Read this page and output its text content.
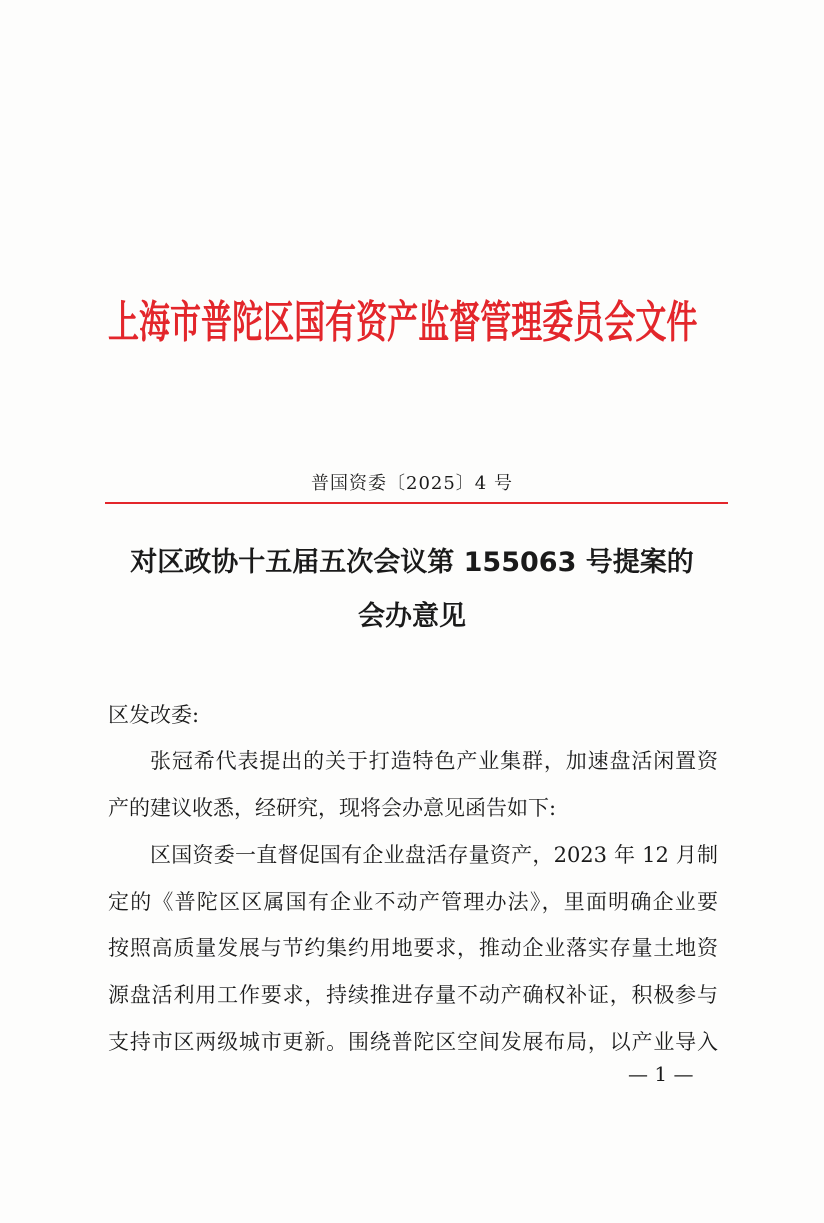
上海市普陀区国有资产监督管理委员会文件
普国资委〔2025〕4 号
对区政协十五届五次会议第 155063 号提案的
会办意见
区发改委:
张冠希代表提出的关于打造特色产业集群，加速盘活闲置资
产的建议收悉，经研究，现将会办意见函告如下:
区国资委一直督促国有企业盘活存量资产，2023 年 12 月制
定的《普陀区区属国有企业不动产管理办法》，里面明确企业要
按照高质量发展与节约集约用地要求，推动企业落实存量土地资
源盘活利用工作要求，持续推进存量不动产确权补证，积极参与
支持市区两级城市更新。围绕普陀区空间发展布局，以产业导入
— 1 —
